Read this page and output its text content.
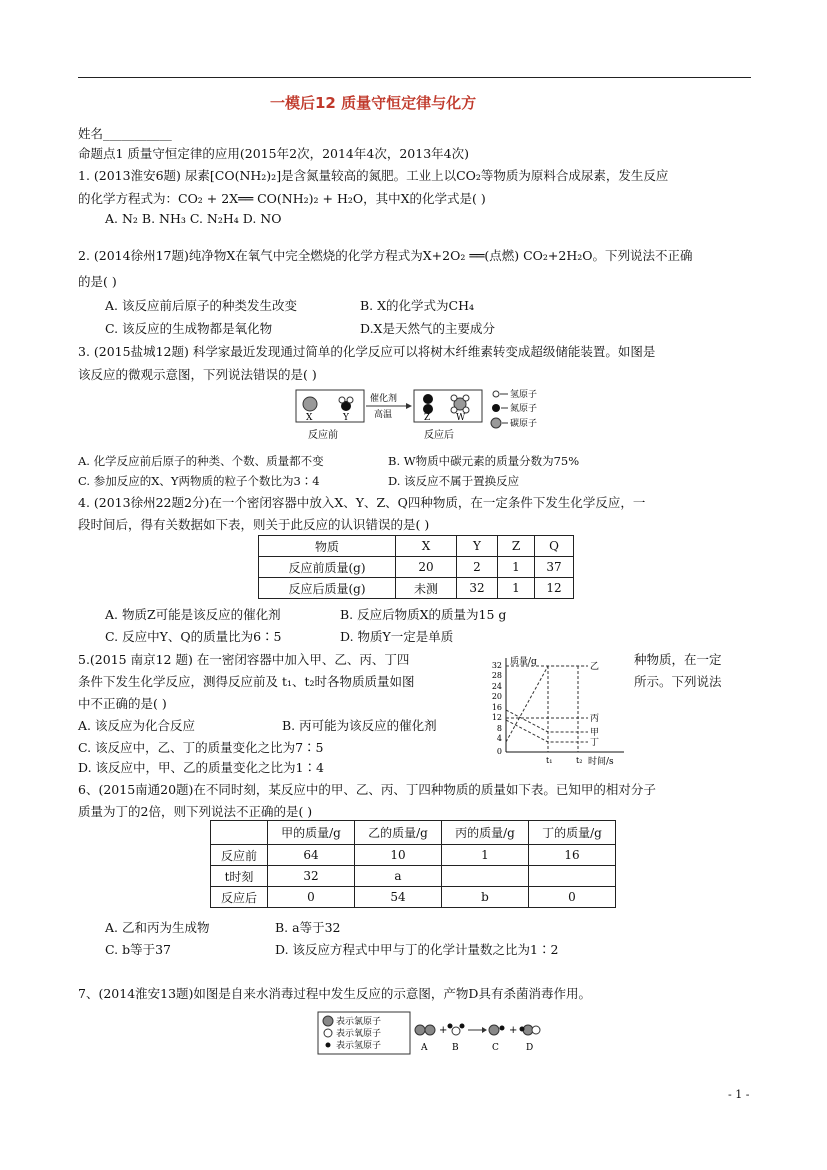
一模后12 质量守恒定律与化方
姓名___________
命题点1 质量守恒定律的应用(2015年2次，2014年4次，2013年4次)
1. (2013淮安6题) 尿素[CO(NH₂)₂]是含氮量较高的氮肥。工业上以CO₂等物质为原料合成尿素，发生反应
的化学方程式为：CO₂ + 2X══ CO(NH₂)₂ + H₂O，其中X的化学式是( )
A. N₂ B. NH₃ C. N₂H₄ D. NO
2. (2014徐州17题)纯净物X在氧气中完全燃烧的化学方程式为X+2O₂ ══(点燃) CO₂+2H₂O。下列说法不正确
的是( )
A. 该反应前后原子的种类发生改变	B. X的化学式为CH₄
C. 该反应的生成物都是氧化物	D.X是天然气的主要成分
3. (2015盐城12题) 科学家最近发现通过简单的化学反应可以将树木纤维素转变成超级储能装置。如图是
该反应的微观示意图，下列说法错误的是( )
X	Y
催化剂
高温	Z	W
反应前	反应后
氢原子
氮原子
碳原子
A. 化学反应前后原子的种类、个数、质量都不变	B. W物质中碳元素的质量分数为75%
C. 参加反应的X、Y两物质的粒子个数比为3∶4	D. 该反应不属于置换反应
4. (2013徐州22题2分)在一个密闭容器中放入X、Y、Z、Q四种物质，在一定条件下发生化学反应，一
段时间后，得有关数据如下表，则关于此反应的认识错误的是( )
物质	X	Y	Z	Q
反应前质量(g)	20	2	1	37
反应后质量(g)	未测	32	1	12
A. 物质Z可能是该反应的催化剂	B. 反应后物质X的质量为15 g
C. 反应中Y、Q的质量比为6∶5	D. 物质Y一定是单质
5.(2015 南京12 题) 在一密闭容器中加入甲、乙、丙、丁四	种物质，在一定
条件下发生化学反应，测得反应前及 t₁、t₂时各物质质量如图	所示。下列说法
中不正确的是( )
A. 该反应为化合反应	B. 丙可能为该反应的催化剂
C. 该反应中，乙、丁的质量变化之比为7∶5
D. 该反应中，甲、乙的质量变化之比为1∶4
质量/g
时间/s
32
28
24
20
16
12
8
4
0
t₁	t₂
乙
丙
甲
丁
6、(2015南通20题)在不同时刻，某反应中的甲、乙、丙、丁四种物质的质量如下表。已知甲的相对分子
质量为丁的2倍，则下列说法不正确的是( )
	甲的质量/g	乙的质量/g	丙的质量/g	丁的质量/g
反应前	64	10	1	16
t时刻	32	a		
反应后	0	54	b	0
A. 乙和丙为生成物	B. a等于32
C. b等于37	D. 该反应方程式中甲与丁的化学计量数之比为1∶2
7、(2014淮安13题)如图是自来水消毒过程中发生反应的示意图，产物D具有杀菌消毒作用。
表示氯原子
表示氧原子
表示氢原子	A
+
B	C
+
D
- 1 -
